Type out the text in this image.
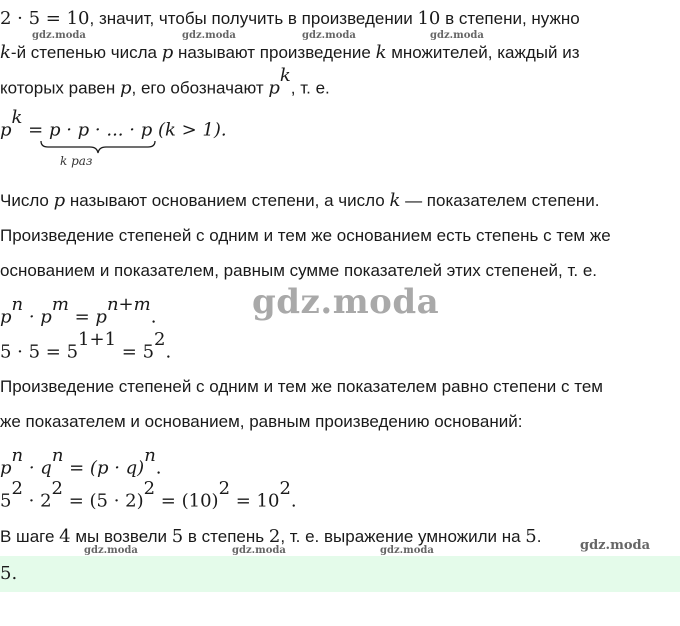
2 · 5 = 10, значит, чтобы получить в произведении 10 в степени, нужно
k-й степенью числа p называют произведение k множителей, каждый из
которых равен p, его обозначают $p^k$, т. е.
$p^k = p \cdot p$ · ... · p (k > 1).
k раз
Число p называют основанием степени, а число k — показателем степени.
Произведение степеней с одним и тем же основанием есть степень с тем же
основанием и показателем, равным сумме показателей этих степеней, т. е.
$p^n \cdot p^m = p^{n+m}$.
$5 \cdot 5 = 5^{1+1} = 5^2$.
Произведение степеней с одним и тем же показателем равно степени с тем
же показателем и основанием, равным произведению оснований:
$p^n \cdot q^n = (p \cdot q)^n$.
$5^2 \cdot 2^2 = (5 \cdot 2)^2 = (10)^2 = 10^2$.
В шаге 4 мы возвели 5 в степень 2, т. е. выражение умножили на 5.
5.
gdz.moda	gdz.moda	gdz.moda	gdz.moda
gdz.moda	gdz.moda	gdz.moda	gdz.moda
gdz.moda
